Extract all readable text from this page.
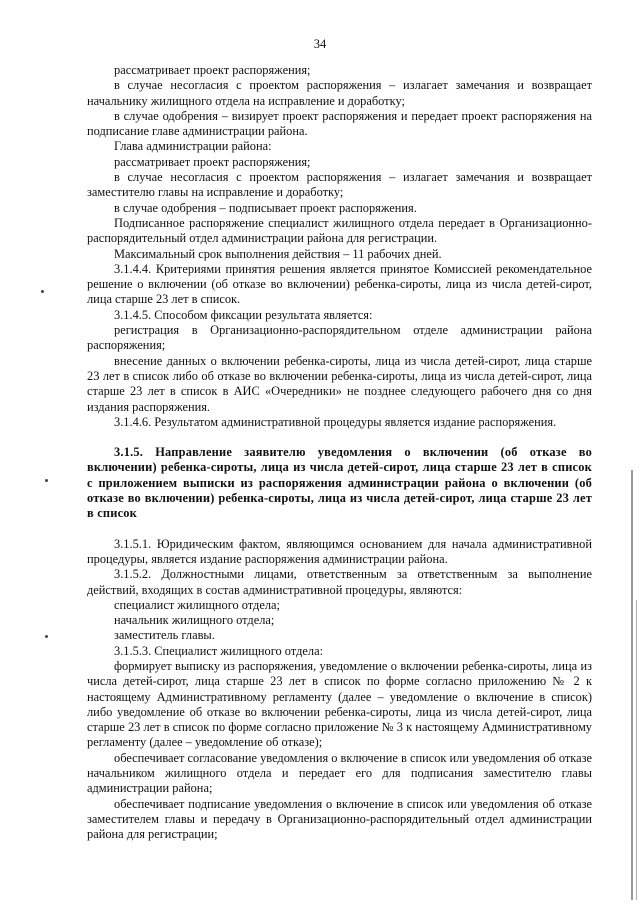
34

рассматривает проект распоряжения;

в случае несогласия с проектом распоряжения – излагает замечания и возвращает начальнику жилищного отдела на исправление и доработку;

в случае одобрения – визирует проект распоряжения и передает проект распоряжения на подписание главе администрации района.

Глава администрации района:

рассматривает проект распоряжения;

в случае несогласия с проектом распоряжения – излагает замечания и возвращает заместителю главы на исправление и доработку;

в случае одобрения – подписывает проект распоряжения.

Подписанное распоряжение специалист жилищного отдела передает в Организационно-распорядительный отдел администрации района для регистрации.

Максимальный срок выполнения действия – 11 рабочих дней.

3.1.4.4. Критериями принятия решения является принятое Комиссией рекомендательное решение о включении (об отказе во включении) ребенка-сироты, лица из числа детей-сирот, лица старше 23 лет в список.

3.1.4.5. Способом фиксации результата является:

регистрация в Организационно-распорядительном отделе администрации района распоряжения;

внесение данных о включении ребенка-сироты, лица из числа детей-сирот, лица старше 23 лет в список либо об отказе во включении ребенка-сироты, лица из числа детей-сирот, лица старше 23 лет в список в АИС «Очередники» не позднее следующего рабочего дня со дня издания распоряжения.

3.1.4.6. Результатом административной процедуры является издание распоряжения.

3.1.5. Направление заявителю уведомления о включении (об отказе во включении) ребенка-сироты, лица из числа детей-сирот, лица старше 23 лет в список с приложением выписки из распоряжения администрации района о включении (об отказе во включении) ребенка-сироты, лица из числа детей-сирот, лица старше 23 лет в список

3.1.5.1. Юридическим фактом, являющимся основанием для начала административной процедуры, является издание распоряжения администрации района.

3.1.5.2. Должностными лицами, ответственным за ответственным за выполнение действий, входящих в состав административной процедуры, являются:

специалист жилищного отдела;

начальник жилищного отдела;

заместитель главы.

3.1.5.3. Специалист жилищного отдела:

формирует выписку из распоряжения, уведомление о включении ребенка-сироты, лица из числа детей-сирот, лица старше 23 лет в список по форме согласно приложению № 2 к настоящему Административному регламенту (далее – уведомление о включение в список) либо уведомление об отказе во включении ребенка-сироты, лица из числа детей-сирот, лица старше 23 лет в список по форме согласно приложение № 3 к настоящему Административному регламенту (далее – уведомление об отказе);

обеспечивает согласование уведомления о включение в список или уведомления об отказе начальником жилищного отдела и передает его для подписания заместителю главы администрации района;

обеспечивает подписание уведомления о включение в список или уведомления об отказе заместителем главы и передачу в Организационно-распорядительный отдел администрации района для регистрации;
